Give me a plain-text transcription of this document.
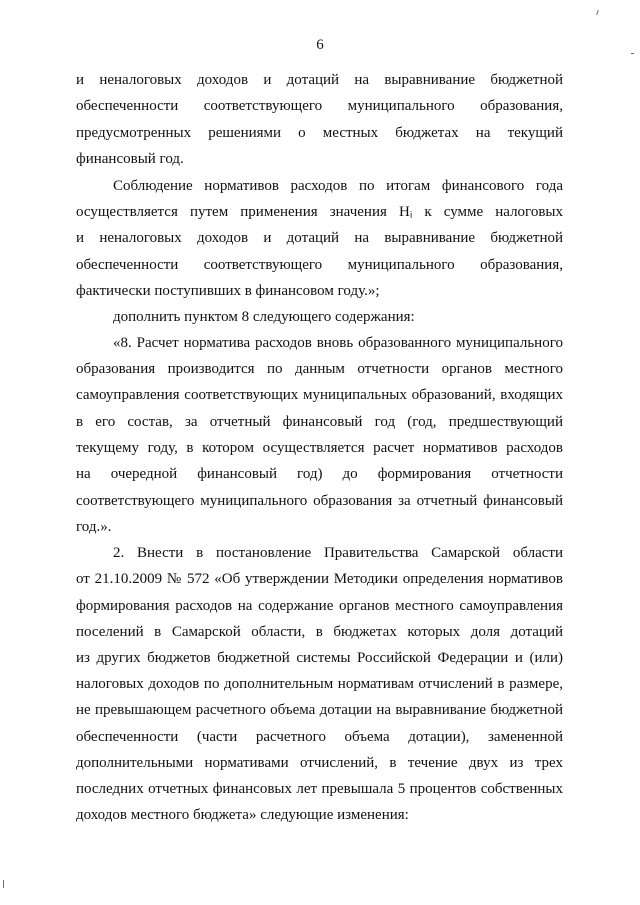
6
и неналоговых доходов и дотаций на выравнивание бюджетной
обеспеченности соответствующего муниципального образования,
предусмотренных решениями о местных бюджетах на текущий
финансовый год.
Соблюдение нормативов расходов по итогам финансового года
осуществляется путем применения значения Hᵢ к сумме налоговых
и неналоговых доходов и дотаций на выравнивание бюджетной
обеспеченности соответствующего муниципального образования,
фактически поступивших в финансовом году.»;
дополнить пунктом 8 следующего содержания:
«8. Расчет норматива расходов вновь образованного муниципального
образования производится по данным отчетности органов местного
самоуправления соответствующих муниципальных образований, входящих
в его состав, за отчетный финансовый год (год, предшествующий
текущему году, в котором осуществляется расчет нормативов расходов
на очередной финансовый год) до формирования отчетности
соответствующего муниципального образования за отчетный финансовый
год.».
2. Внести в постановление Правительства Самарской области
от 21.10.2009 № 572 «Об утверждении Методики определения нормативов
формирования расходов на содержание органов местного самоуправления
поселений в Самарской области, в бюджетах которых доля дотаций
из других бюджетов бюджетной системы Российской Федерации и (или)
налоговых доходов по дополнительным нормативам отчислений в размере,
не превышающем расчетного объема дотации на выравнивание бюджетной
обеспеченности (части расчетного объема дотации), замененной
дополнительными нормативами отчислений, в течение двух из трех
последних отчетных финансовых лет превышала 5 процентов собственных
доходов местного бюджета» следующие изменения:
